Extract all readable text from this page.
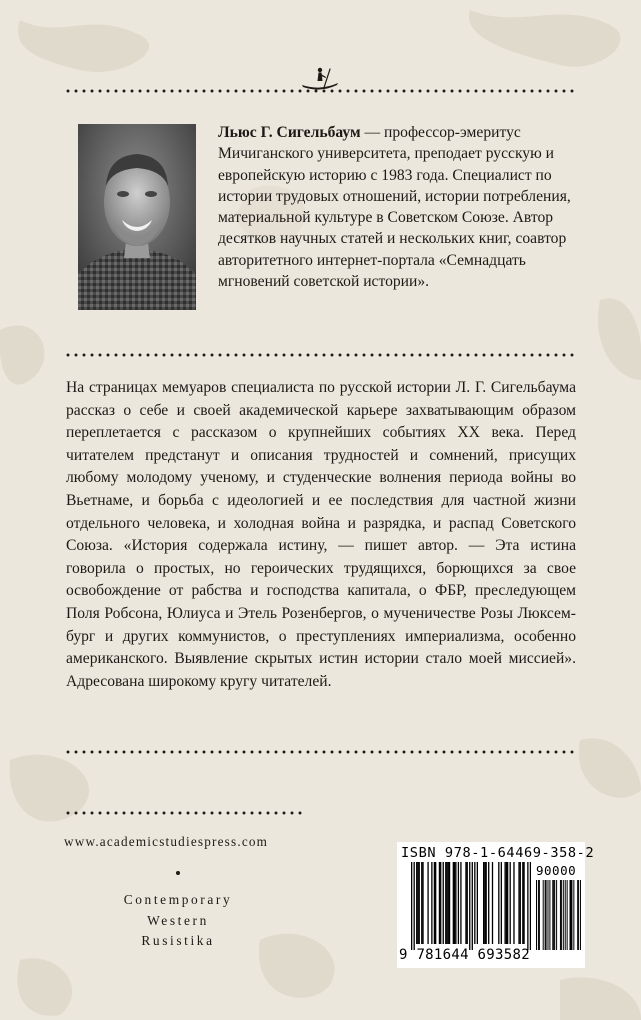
Льюс Г. Сигельбаум — профессор-эмеритус Мичиганского университета, преподает русскую и европейскую историю с 1983 года. Специалист по истории трудовых отношений, истории потребления, материальной культуре в Советском Союзе. Автор десятков научных статей и нескольких книг, соавтор авторитетного интернет-портала «Семнадцать мгновений советской истории».

На страницах мемуаров специалиста по русской истории Л. Г. Сигельбаума рассказ о себе и своей академической карьере захватывающим образом переплетается с рассказом о крупнейших событиях XX века. Перед читателем предстанут и описания трудностей и сомнений, присущих любому молодому ученому, и студенческие волнения периода войны во Вьетнаме, и борьба с идеологией и ее последствия для частной жизни отдельного человека, и холодная война и разрядка, и распад Советского Союза. «История содержала истину, — пишет автор. — Эта истина говорила о простых, но героических трудящихся, борющихся за свое освобождение от рабства и господства капитала, о ФБР, преследующем Поля Робсона, Юлиуса и Этель Розенбергов, о мученичестве Розы Люксембург и других коммунистов, о преступлениях империализма, особенно американского. Выявление скрытых истин истории стало моей миссией». Адресована широкому кругу читателей.

www.academicstudiespress.com
Contemporary
Western
Rusistika
ISBN 978-1-64469-358-2
90000
9 781644 693582
